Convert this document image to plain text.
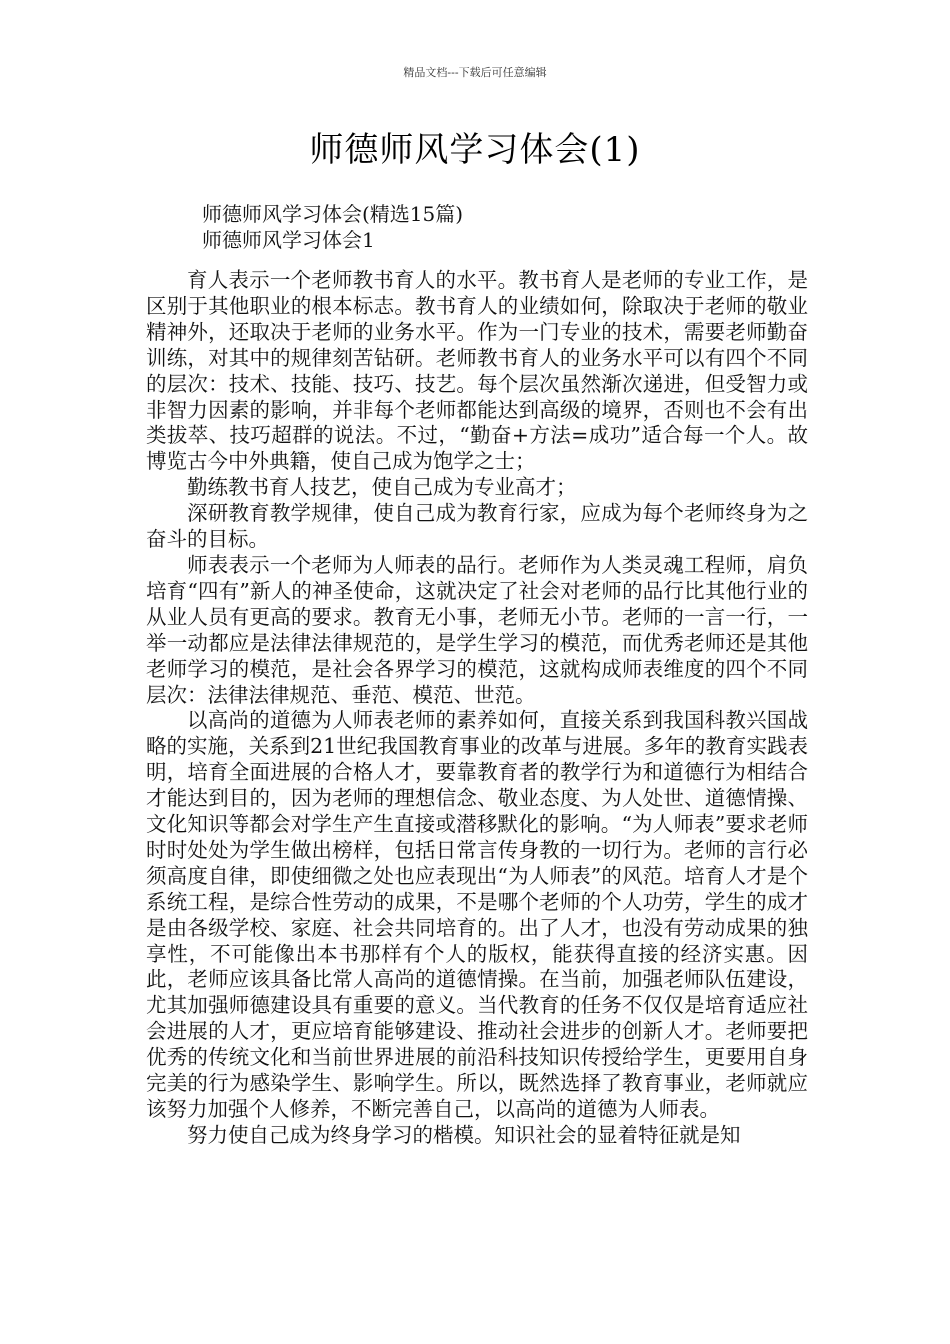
精品文档---下载后可任意编辑
师德师风学习体会(1)
师德师风学习体会(精选15篇)
师德师风学习体会1

育人表示一个老师教书育人的水平。教书育人是老师的专业工作，是区别于其他职业的根本标志。教书育人的业绩如何，除取决于老师的敬业精神外，还取决于老师的业务水平。作为一门专业的技术，需要老师勤奋训练，对其中的规律刻苦钻研。老师教书育人的业务水平可以有四个不同的层次：技术、技能、技巧、技艺。每个层次虽然渐次递进，但受智力或非智力因素的影响，并非每个老师都能达到高级的境界，否则也不会有出类拔萃、技巧超群的说法。不过，“勤奋+方法=成功”适合每一个人。故博览古今中外典籍，使自己成为饱学之士；

勤练教书育人技艺，使自己成为专业高才；

深研教育教学规律，使自己成为教育行家，应成为每个老师终身为之奋斗的目标。

师表表示一个老师为人师表的品行。老师作为人类灵魂工程师，肩负培育“四有”新人的神圣使命，这就决定了社会对老师的品行比其他行业的从业人员有更高的要求。教育无小事，老师无小节。老师的一言一行，一举一动都应是法律法律规范的，是学生学习的模范，而优秀老师还是其他老师学习的模范，是社会各界学习的模范，这就构成师表维度的四个不同层次：法律法律规范、垂范、模范、世范。

以高尚的道德为人师表老师的素养如何，直接关系到我国科教兴国战略的实施，关系到21世纪我国教育事业的改革与进展。多年的教育实践表明，培育全面进展的合格人才，要靠教育者的教学行为和道德行为相结合才能达到目的，因为老师的理想信念、敬业态度、为人处世、道德情操、文化知识等都会对学生产生直接或潜移默化的影响。“为人师表”要求老师时时处处为学生做出榜样，包括日常言传身教的一切行为。老师的言行必须高度自律，即使细微之处也应表现出“为人师表”的风范。培育人才是个系统工程，是综合性劳动的成果，不是哪个老师的个人功劳，学生的成才是由各级学校、家庭、社会共同培育的。出了人才，也没有劳动成果的独享性，不可能像出本书那样有个人的版权，能获得直接的经济实惠。因此，老师应该具备比常人高尚的道德情操。在当前，加强老师队伍建设，尤其加强师德建设具有重要的意义。当代教育的任务不仅仅是培育适应社会进展的人才，更应培育能够建设、推动社会进步的创新人才。老师要把优秀的传统文化和当前世界进展的前沿科技知识传授给学生，更要用自身完美的行为感染学生、影响学生。所以，既然选择了教育事业，老师就应该努力加强个人修养，不断完善自己，以高尚的道德为人师表。

努力使自己成为终身学习的楷模。知识社会的显着特征就是知
